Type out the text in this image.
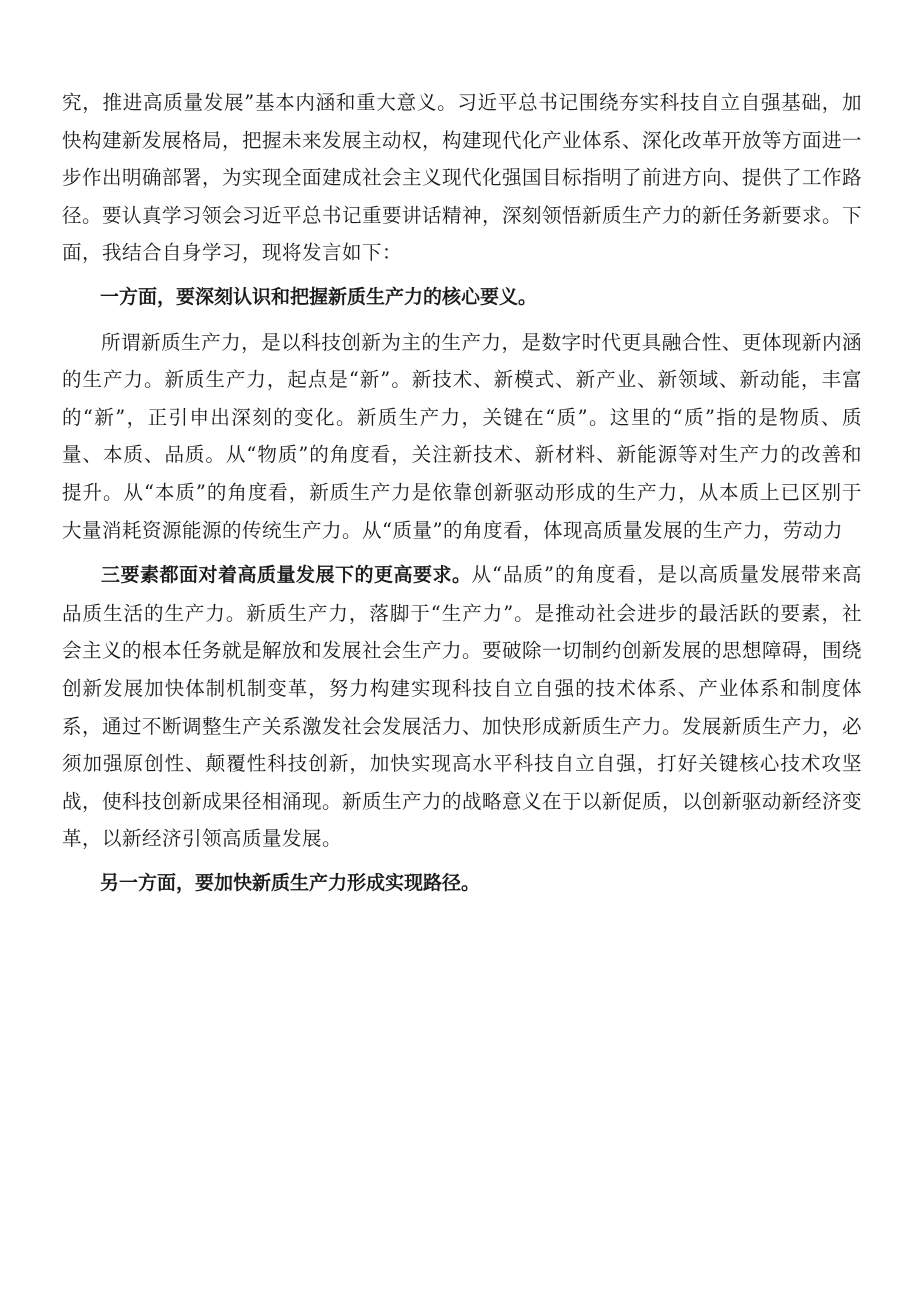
究，推进高质量发展”基本内涵和重大意义。习近平总书记围绕夯实科技自立自强基础，加快构建新发展格局，把握未来发展主动权，构建现代化产业体系、深化改革开放等方面进一步作出明确部署，为实现全面建成社会主义现代化强国目标指明了前进方向、提供了工作路径。要认真学习领会习近平总书记重要讲话精神，深刻领悟新质生产力的新任务新要求。下面，我结合自身学习，现将发言如下：

一方面，要深刻认识和把握新质生产力的核心要义。

所谓新质生产力，是以科技创新为主的生产力，是数字时代更具融合性、更体现新内涵的生产力。新质生产力，起点是“新”。新技术、新模式、新产业、新领域、新动能，丰富的“新”，正引申出深刻的变化。新质生产力，关键在“质”。这里的“质”指的是物质、质量、本质、品质。从“物质”的角度看，关注新技术、新材料、新能源等对生产力的改善和提升。从“本质”的角度看，新质生产力是依靠创新驱动形成的生产力，从本质上已区别于大量消耗资源能源的传统生产力。从“质量”的角度看，体现高质量发展的生产力，劳动力

三要素都面对着高质量发展下的更高要求。从“品质”的角度看，是以高质量发展带来高品质生活的生产力。新质生产力，落脚于“生产力”。是推动社会进步的最活跃的要素，社会主义的根本任务就是解放和发展社会生产力。要破除一切制约创新发展的思想障碍，围绕创新发展加快体制机制变革，努力构建实现科技自立自强的技术体系、产业体系和制度体系，通过不断调整生产关系激发社会发展活力、加快形成新质生产力。发展新质生产力，必须加强原创性、颠覆性科技创新，加快实现高水平科技自立自强，打好关键核心技术攻坚战，使科技创新成果径相涌现。新质生产力的战略意义在于以新促质，以创新驱动新经济变革，以新经济引领高质量发展。

另一方面，要加快新质生产力形成实现路径。
